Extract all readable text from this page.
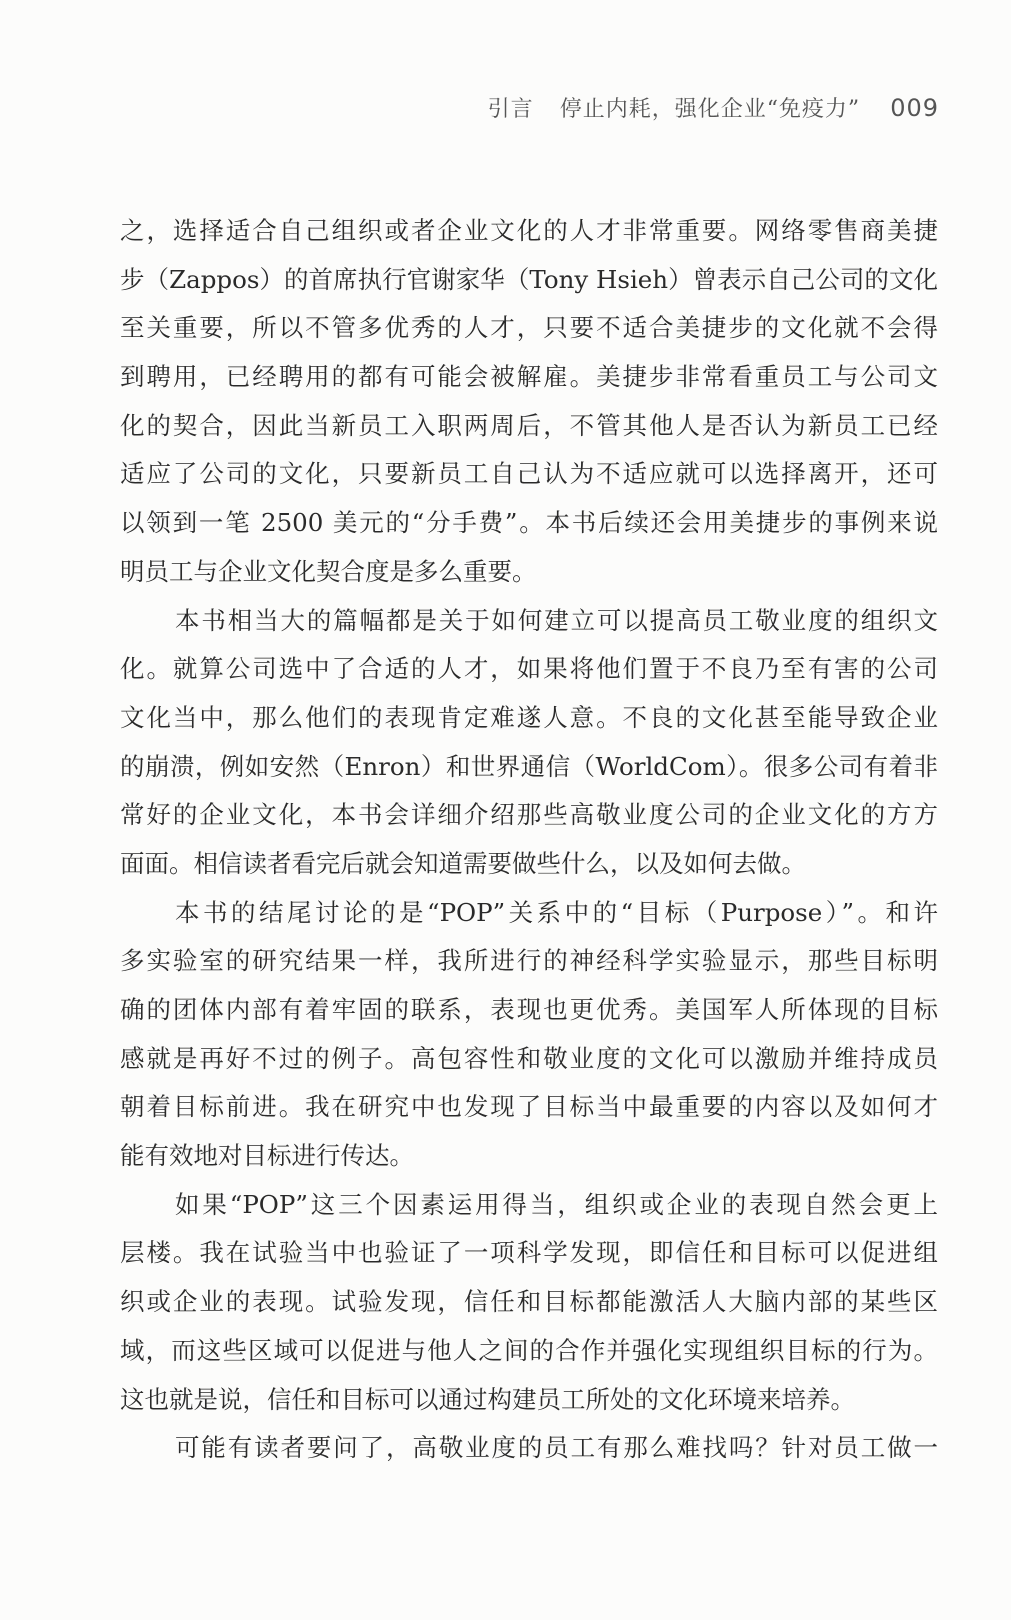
引言 停止内耗，强化企业“免疫力” 009
之，选择适合自己组织或者企业文化的人才非常重要。网络零售商美捷
步（Zappos）的首席执行官谢家华（Tony Hsieh）曾表示自己公司的文化
至关重要，所以不管多优秀的人才，只要不适合美捷步的文化就不会得
到聘用，已经聘用的都有可能会被解雇。美捷步非常看重员工与公司文
化的契合，因此当新员工入职两周后，不管其他人是否认为新员工已经
适应了公司的文化，只要新员工自己认为不适应就可以选择离开，还可
以领到一笔 2500 美元的“分手费”。本书后续还会用美捷步的事例来说
明员工与企业文化契合度是多么重要。
本书相当大的篇幅都是关于如何建立可以提高员工敬业度的组织文
化。就算公司选中了合适的人才，如果将他们置于不良乃至有害的公司
文化当中，那么他们的表现肯定难遂人意。不良的文化甚至能导致企业
的崩溃，例如安然（Enron）和世界通信（WorldCom）。很多公司有着非
常好的企业文化，本书会详细介绍那些高敬业度公司的企业文化的方方
面面。相信读者看完后就会知道需要做些什么，以及如何去做。
本书的结尾讨论的是“POP”关系中的“目标（Purpose）”。和许
多实验室的研究结果一样，我所进行的神经科学实验显示，那些目标明
确的团体内部有着牢固的联系，表现也更优秀。美国军人所体现的目标
感就是再好不过的例子。高包容性和敬业度的文化可以激励并维持成员
朝着目标前进。我在研究中也发现了目标当中最重要的内容以及如何才
能有效地对目标进行传达。
如果“POP”这三个因素运用得当，组织或企业的表现自然会更上
层楼。我在试验当中也验证了一项科学发现，即信任和目标可以促进组
织或企业的表现。试验发现，信任和目标都能激活人大脑内部的某些区
域，而这些区域可以促进与他人之间的合作并强化实现组织目标的行为。
这也就是说，信任和目标可以通过构建员工所处的文化环境来培养。
可能有读者要问了，高敬业度的员工有那么难找吗？针对员工做一
